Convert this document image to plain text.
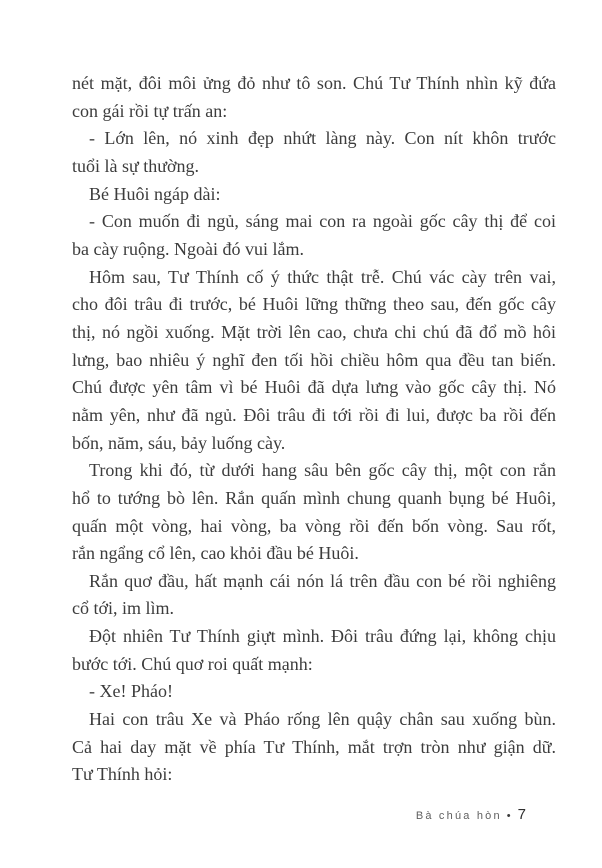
nét mặt, đôi môi ửng đỏ như tô son. Chú Tư Thính nhìn kỹ đứa
con gái rồi tự trấn an:
- Lớn lên, nó xinh đẹp nhứt làng này. Con nít khôn trước
tuổi là sự thường.
Bé Huôi ngáp dài:
- Con muốn đi ngủ, sáng mai con ra ngoài gốc cây thị để coi
ba cày ruộng. Ngoài đó vui lắm.
Hôm sau, Tư Thính cố ý thức thật trễ. Chú vác cày trên vai,
cho đôi trâu đi trước, bé Huôi lững thững theo sau, đến gốc cây
thị, nó ngồi xuống. Mặt trời lên cao, chưa chi chú đã đổ mồ hôi
lưng, bao nhiêu ý nghĩ đen tối hồi chiều hôm qua đều tan biến.
Chú được yên tâm vì bé Huôi đã dựa lưng vào gốc cây thị. Nó
nằm yên, như đã ngủ. Đôi trâu đi tới rồi đi lui, được ba rồi đến
bốn, năm, sáu, bảy luống cày.
Trong khi đó, từ dưới hang sâu bên gốc cây thị, một con rắn
hổ to tướng bò lên. Rắn quấn mình chung quanh bụng bé Huôi,
quấn một vòng, hai vòng, ba vòng rồi đến bốn vòng. Sau rốt,
rắn ngẩng cổ lên, cao khỏi đầu bé Huôi.
Rắn quơ đầu, hất mạnh cái nón lá trên đầu con bé rồi nghiêng
cổ tới, im lìm.
Đột nhiên Tư Thính giựt mình. Đôi trâu đứng lại, không chịu
bước tới. Chú quơ roi quất mạnh:
- Xe! Pháo!
Hai con trâu Xe và Pháo rống lên quậy chân sau xuống bùn.
Cả hai day mặt về phía Tư Thính, mắt trợn tròn như giận dữ.
Tư Thính hỏi:
Bà chúa hòn • 7
